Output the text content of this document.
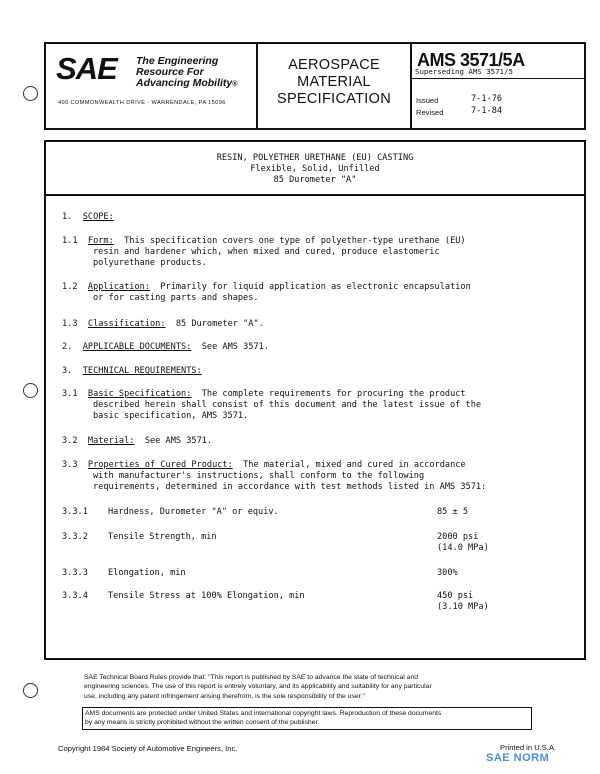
SAE The Engineering
Resource For
Advancing Mobility®
400 COMMONWEALTH DRIVE · WARRENDALE, PA 15096
AEROSPACE
MATERIAL
SPECIFICATION
AMS 3571/5A
Superseding AMS 3571/5
Issued	7-1-76
Revised	7-1-84
RESIN, POLYETHER URETHANE (EU) CASTING
Flexible, Solid, Unfilled
85 Durometer "A"
1. SCOPE:
1.1 Form: This specification covers one type of polyether-type urethane (EU)
resin and hardener which, when mixed and cured, produce elastomeric
polyurethane products.
1.2 Application: Primarily for liquid application as electronic encapsulation
or for casting parts and shapes.
1.3 Classification: 85 Durometer "A".
2. APPLICABLE DOCUMENTS: See AMS 3571.
3. TECHNICAL REQUIREMENTS:
3.1 Basic Specification: The complete requirements for procuring the product
described herein shall consist of this document and the latest issue of the
basic specification, AMS 3571.
3.2 Material: See AMS 3571.
3.3 Properties of Cured Product: The material, mixed and cured in accordance
with manufacturer's instructions, shall conform to the following
requirements, determined in accordance with test methods listed in AMS 3571:
3.3.1 Hardness, Durometer "A" or equiv.	85 ± 5
3.3.2 Tensile Strength, min	2000 psi
(14.0 MPa)
3.3.3 Elongation, min	300%
3.3.4 Tensile Stress at 100% Elongation, min	450 psi
(3.10 MPa)
SAE Technical Board Rules provide that: "This report is published by SAE to advance the state of technical and
engineering sciences. The use of this report is entirely voluntary, and its applicability and suitability for any particular
use, including any patent infringement arising therefrom, is the sole responsibility of the user."
AMS documents are protected under United States and international copyright laws. Reproduction of these documents
by any means is strictly prohibited without the written consent of the publisher.
Copyright 1984 Society of Automotive Engineers, Inc.	Printed in U.S.A.
SAE NORM
